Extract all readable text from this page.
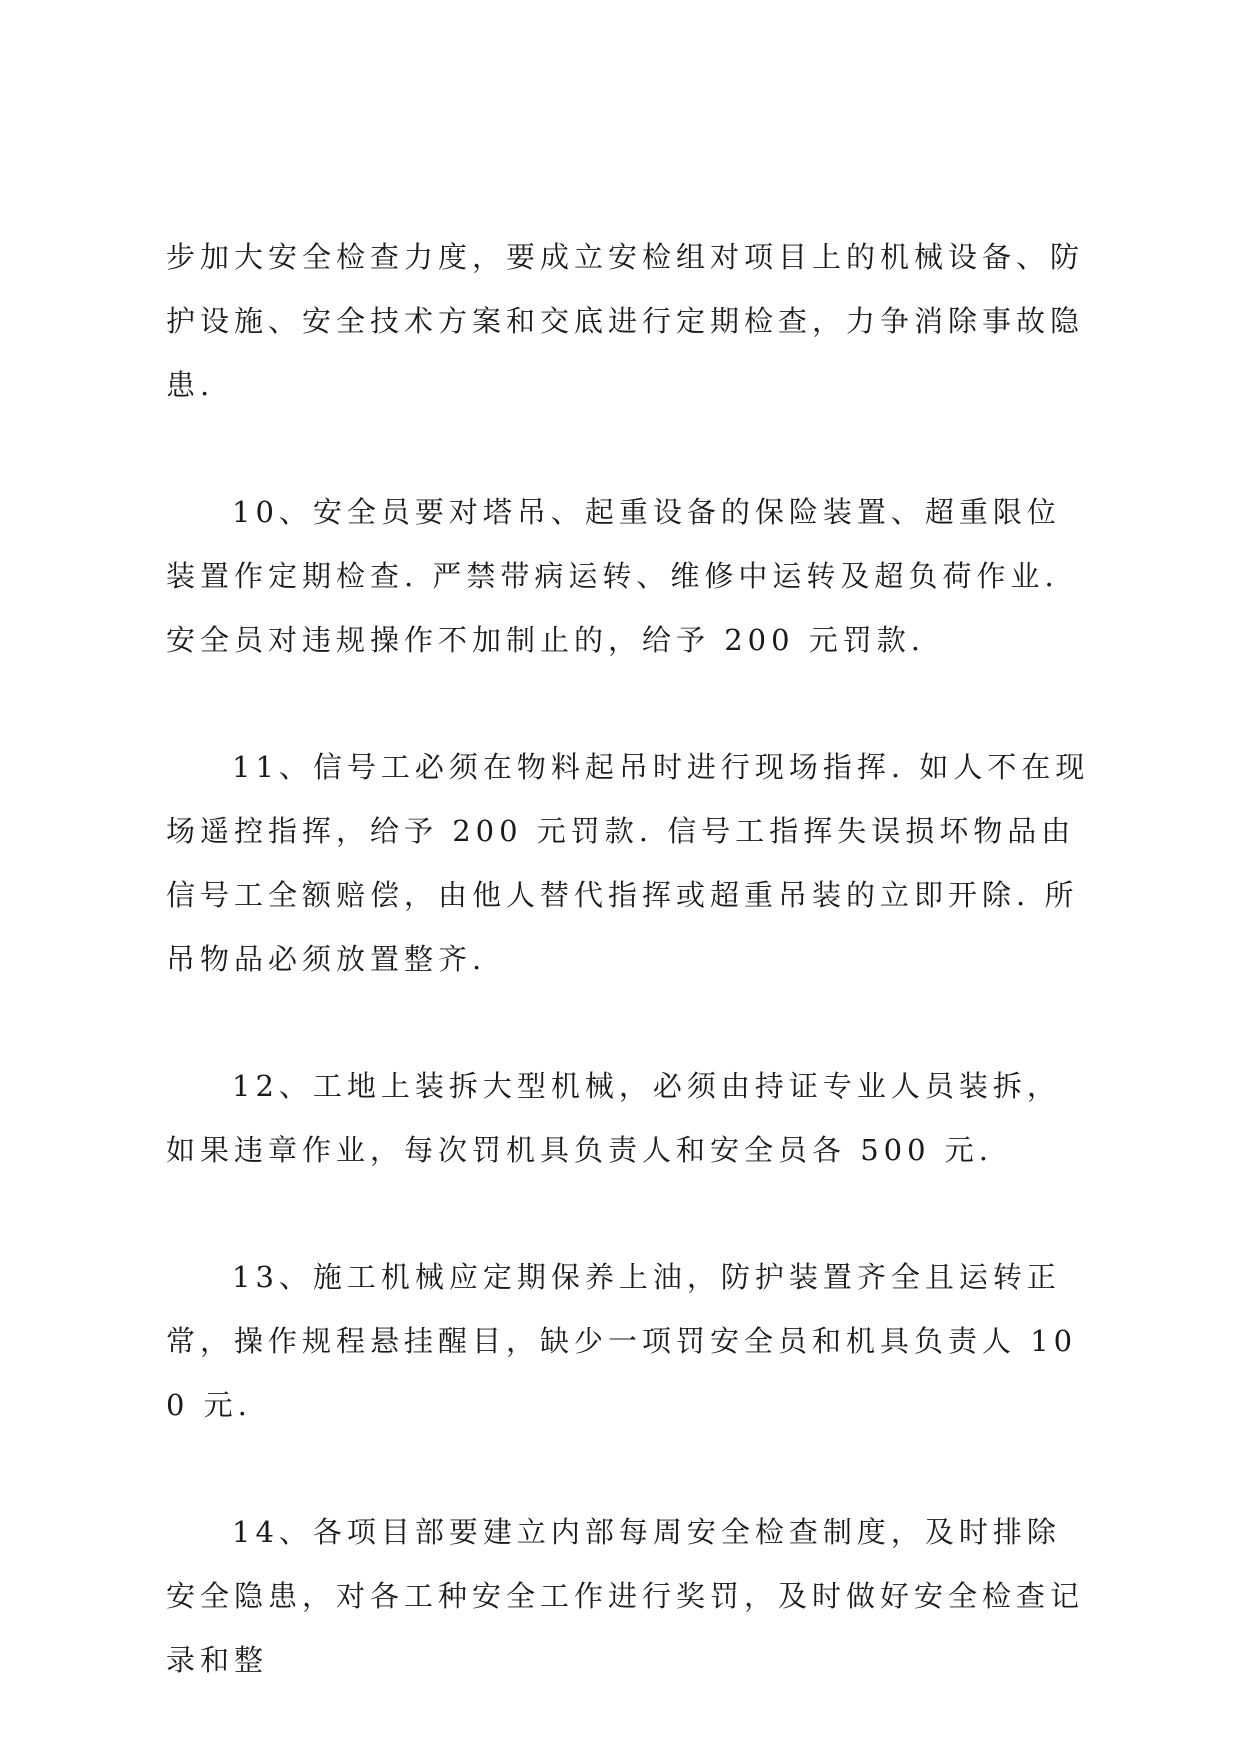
步加大安全检查力度，要成立安检组对项目上的机械设备、防护设施、安全技术方案和交底进行定期检查，力争消除事故隐患.

10、安全员要对塔吊、起重设备的保险装置、超重限位装置作定期检查. 严禁带病运转、维修中运转及超负荷作业. 安全员对违规操作不加制止的，给予 200 元罚款.

11、信号工必须在物料起吊时进行现场指挥. 如人不在现场遥控指挥，给予 200 元罚款. 信号工指挥失误损坏物品由信号工全额赔偿，由他人替代指挥或超重吊装的立即开除. 所吊物品必须放置整齐.

12、工地上装拆大型机械，必须由持证专业人员装拆，如果违章作业，每次罚机具负责人和安全员各 500 元.

13、施工机械应定期保养上油，防护装置齐全且运转正常，操作规程悬挂醒目，缺少一项罚安全员和机具负责人 100 元.

14、各项目部要建立内部每周安全检查制度，及时排除安全隐患，对各工种安全工作进行奖罚，及时做好安全检查记录和整
